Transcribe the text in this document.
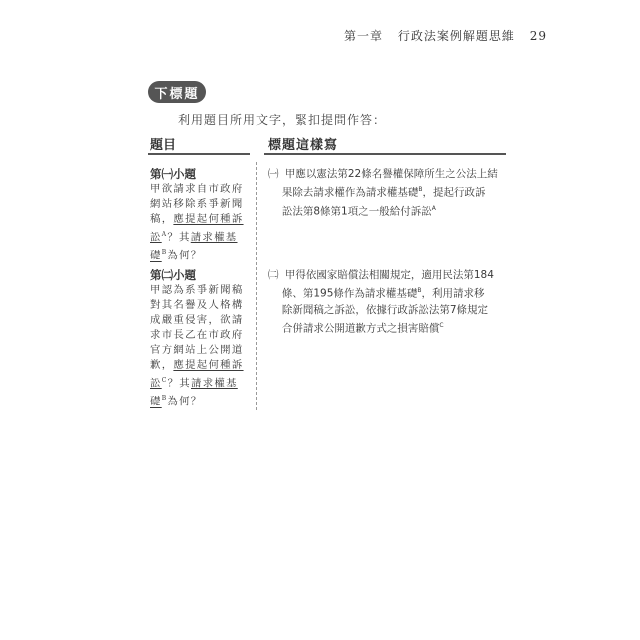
第一章 行政法案例解題思維 29
下標題
利用題目所用文字，緊扣提問作答：
題目	標題這樣寫
第㈠小題
甲欲請求自市政府
網站移除系爭新聞
稿，應提起何種訴
訟$^A$？其請求權基
礎$^B$為何？
第㈡小題
甲認為系爭新聞稿
對其名譽及人格構
成嚴重侵害，欲請
求市長乙在市政府
官方網站上公開道
歉，應提起何種訴
訟$^C$？其請求權基
礎$^B$為何？
㈠ 甲應以憲法第22條名譽權保障所生之公法上結
　 果除去請求權作為請求權基礎$^B$，提起行政訴
　 訟法第8條第1項之一般給付訴訟$^A$
㈡ 甲得依國家賠償法相關規定，適用民法第184
　 條、第195條作為請求權基礎$^B$，利用請求移
　 除新聞稿之訴訟，依據行政訴訟法第7條規定
　 合併請求公開道歉方式之損害賠償$^C$
